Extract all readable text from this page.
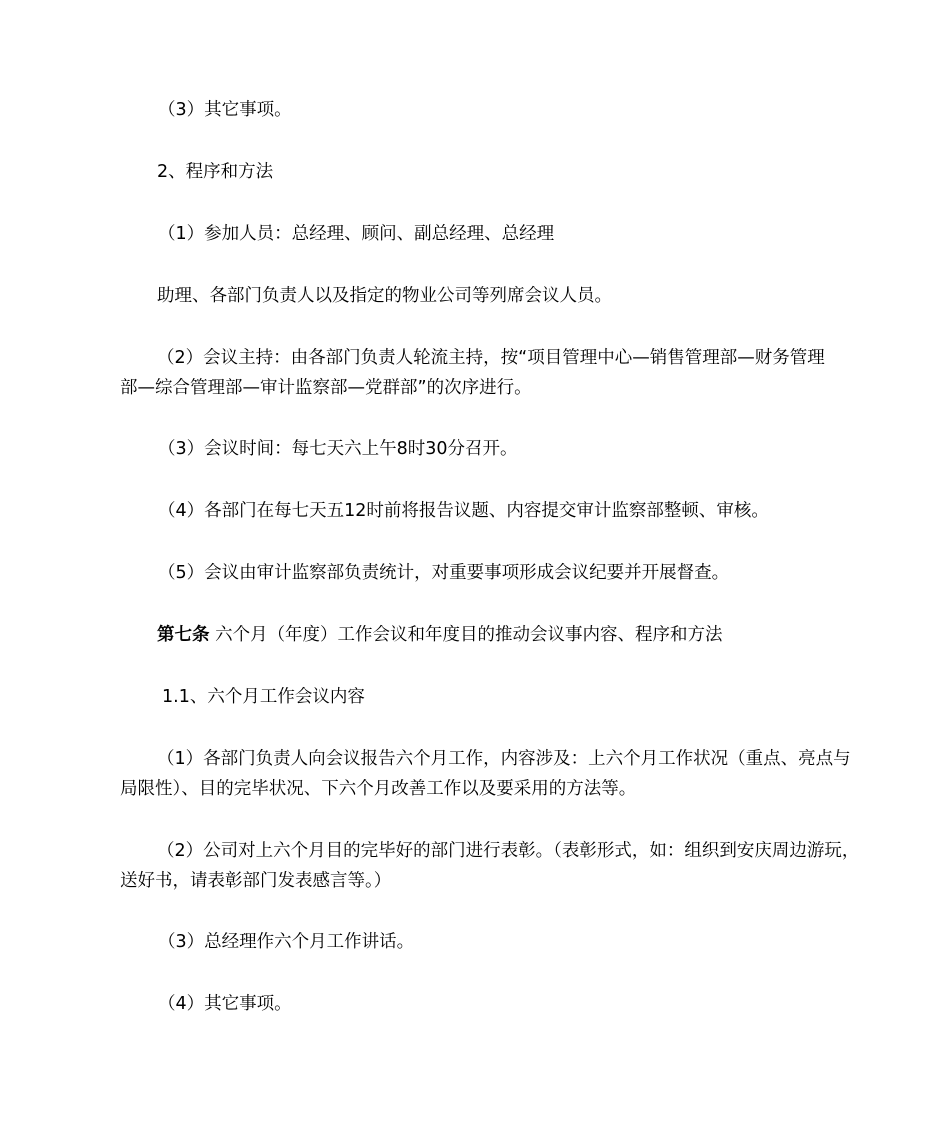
（3）其它事项。

2、程序和方法

（1）参加人员：总经理、顾问、副总经理、总经理

助理、各部门负责人以及指定的物业公司等列席会议人员。

（2）会议主持：由各部门负责人轮流主持，按“项目管理中心—销售管理部—财务管理
部—综合管理部—审计监察部—党群部”的次序进行。

（3）会议时间：每七天六上午8时30分召开。

（4）各部门在每七天五12时前将报告议题、内容提交审计监察部整顿、审核。

（5）会议由审计监察部负责统计，对重要事项形成会议纪要并开展督查。

第七条 六个月（年度）工作会议和年度目的推动会议事内容、程序和方法

1.1、六个月工作会议内容

（1）各部门负责人向会议报告六个月工作，内容涉及：上六个月工作状况（重点、亮点与
局限性）、目的完毕状况、下六个月改善工作以及要采用的方法等。

（2）公司对上六个月目的完毕好的部门进行表彰。（表彰形式，如：组织到安庆周边游玩，
送好书，请表彰部门发表感言等。）

（3）总经理作六个月工作讲话。

（4）其它事项。
